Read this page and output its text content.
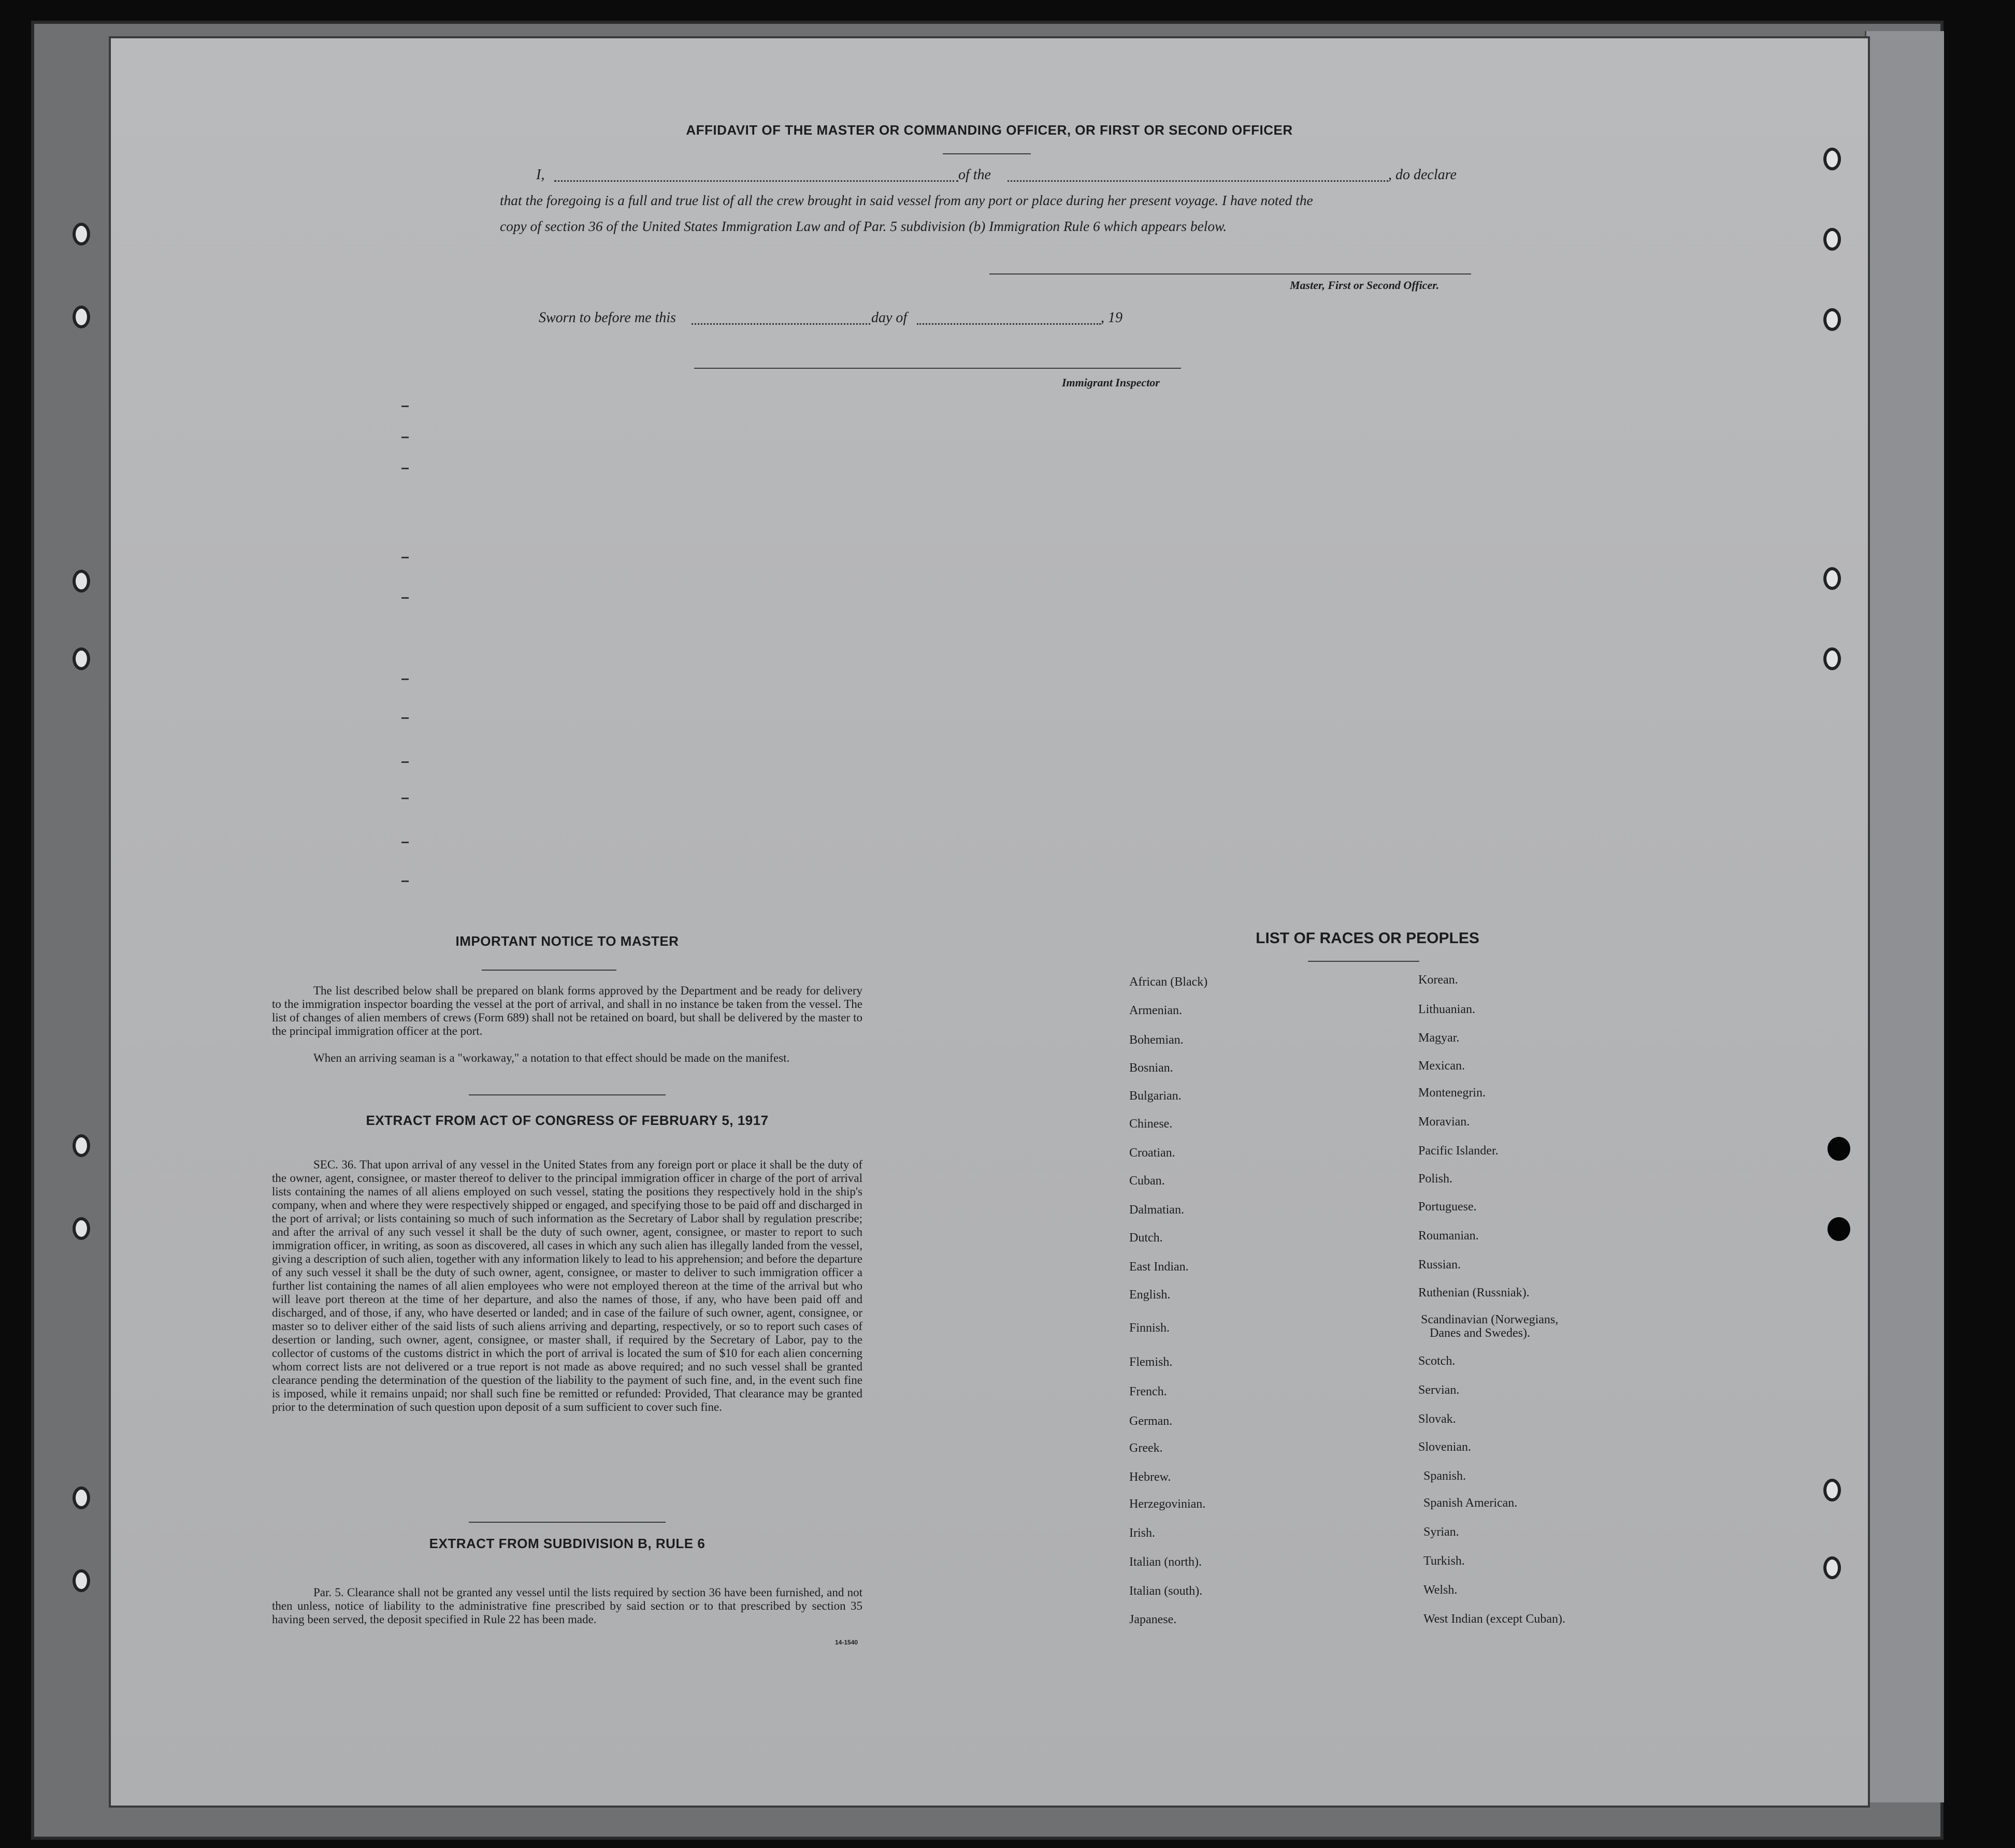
AFFIDAVIT OF THE MASTER OR COMMANDING OFFICER, OR FIRST OR SECOND OFFICER
I,	of the	, do declare
that the foregoing is a full and true list of all the crew brought in said vessel from any port or place during her present voyage. I have noted the
copy of section 36 of the United States Immigration Law and of Par. 5 subdivision (b) Immigration Rule 6 which appears below.
Master, First or Second Officer.
Sworn to before me this	day of	, 19
Immigrant Inspector
IMPORTANT NOTICE TO MASTER

The list described below shall be prepared on blank forms approved by the Department and be ready for delivery to the immigration inspector boarding the vessel at the port of arrival, and shall in no instance be taken from the vessel. The list of changes of alien members of crews (Form 689) shall not be retained on board, but shall be delivered by the master to the principal immigration officer at the port.

When an arriving seaman is a "workaway," a notation to that effect should be made on the manifest.

EXTRACT FROM ACT OF CONGRESS OF FEBRUARY 5, 1917

SEC. 36. That upon arrival of any vessel in the United States from any foreign port or place it shall be the duty of the owner, agent, consignee, or master thereof to deliver to the principal immigration officer in charge of the port of arrival lists containing the names of all aliens employed on such vessel, stating the positions they respectively hold in the ship's company, when and where they were respectively shipped or engaged, and specifying those to be paid off and discharged in the port of arrival; or lists containing so much of such information as the Secretary of Labor shall by regulation prescribe; and after the arrival of any such vessel it shall be the duty of such owner, agent, consignee, or master to report to such immigration officer, in writing, as soon as discovered, all cases in which any such alien has illegally landed from the vessel, giving a description of such alien, together with any information likely to lead to his apprehension; and before the departure of any such vessel it shall be the duty of such owner, agent, consignee, or master to deliver to such immigration officer a further list containing the names of all alien employees who were not employed thereon at the time of the arrival but who will leave port thereon at the time of her departure, and also the names of those, if any, who have been paid off and discharged, and of those, if any, who have deserted or landed; and in case of the failure of such owner, agent, consignee, or master so to deliver either of the said lists of such aliens arriving and departing, respectively, or so to report such cases of desertion or landing, such owner, agent, consignee, or master shall, if required by the Secretary of Labor, pay to the collector of customs of the customs district in which the port of arrival is located the sum of $10 for each alien concerning whom correct lists are not delivered or a true report is not made as above required; and no such vessel shall be granted clearance pending the determination of the question of the liability to the payment of such fine, and, in the event such fine is imposed, while it remains unpaid; nor shall such fine be remitted or refunded: Provided, That clearance may be granted prior to the determination of such question upon deposit of a sum sufficient to cover such fine.

EXTRACT FROM SUBDIVISION B, RULE 6

Par. 5. Clearance shall not be granted any vessel until the lists required by section 36 have been furnished, and not then unless, notice of liability to the administrative fine prescribed by said section or to that prescribed by section 35 having been served, the deposit specified in Rule 22 has been made.

14-1540
LIST OF RACES OR PEOPLES
African (Black)
Armenian.
Bohemian.
Bosnian.
Bulgarian.
Chinese.
Croatian.
Cuban.
Dalmatian.
Dutch.
East Indian.
English.
Finnish.
Flemish.
French.
German.
Greek.
Hebrew.
Herzegovinian.
Irish.
Italian (north).
Italian (south).
Japanese.
Korean.
Lithuanian.
Magyar.
Mexican.
Montenegrin.
Moravian.
Pacific Islander.
Polish.
Portuguese.
Roumanian.
Russian.
Ruthenian (Russniak).
Scandinavian (Norwegians,
Danes and Swedes).
Scotch.
Servian.
Slovak.
Slovenian.
Spanish.
Spanish American.
Syrian.
Turkish.
Welsh.
West Indian (except Cuban).
